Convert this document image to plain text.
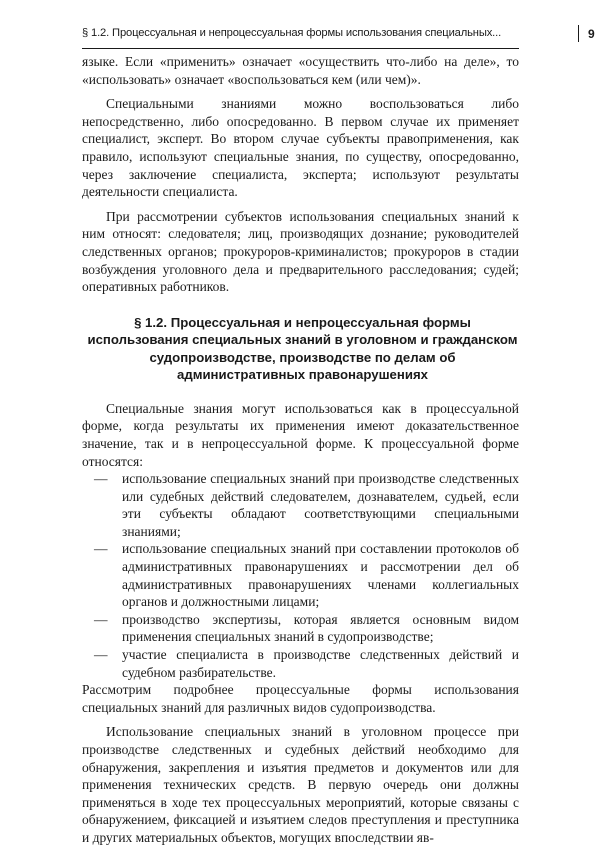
§ 1.2. Процессуальная и непроцессуальная формы использования специальных...	9

языке. Если «применить» означает «осуществить что-либо на деле», то «использовать» означает «воспользоваться кем (или чем)».

Специальными знаниями можно воспользоваться либо непосредственно, либо опосредованно. В первом случае их применяет специалист, эксперт. Во втором случае субъекты правоприменения, как правило, используют специальные знания, по существу, опосредованно, через заключение специалиста, эксперта; используют результаты деятельности специалиста.

При рассмотрении субъектов использования специальных знаний к ним относят: следователя; лиц, производящих дознание; руководителей следственных органов; прокуроров-криминалистов; прокуроров в стадии возбуждения уголовного дела и предварительного расследования; судей; оперативных работников.

§ 1.2. Процессуальная и непроцессуальная формы использования специальных знаний в уголовном и гражданском судопроизводстве, производстве по делам об административных правонарушениях

Специальные знания могут использоваться как в процессуальной форме, когда результаты их применения имеют доказательственное значение, так и в непроцессуальной форме. К процессуальной форме относятся:

— использование специальных знаний при производстве следственных или судебных действий следователем, дознавателем, судьей, если эти субъекты обладают соответствующими специальными знаниями;
— использование специальных знаний при составлении протоколов об административных правонарушениях и рассмотрении дел об административных правонарушениях членами коллегиальных органов и должностными лицами;
— производство экспертизы, которая является основным видом применения специальных знаний в судопроизводстве;
— участие специалиста в производстве следственных действий и судебном разбирательстве.

Рассмотрим подробнее процессуальные формы использования специальных знаний для различных видов судопроизводства.

Использование специальных знаний в уголовном процессе при производстве следственных и судебных действий необходимо для обнаружения, закрепления и изъятия предметов и документов или для применения технических средств. В первую очередь они должны применяться в ходе тех процессуальных мероприятий, которые связаны с обнаружением, фиксацией и изъятием следов преступления и преступника и других материальных объектов, могущих впоследствии яв-
